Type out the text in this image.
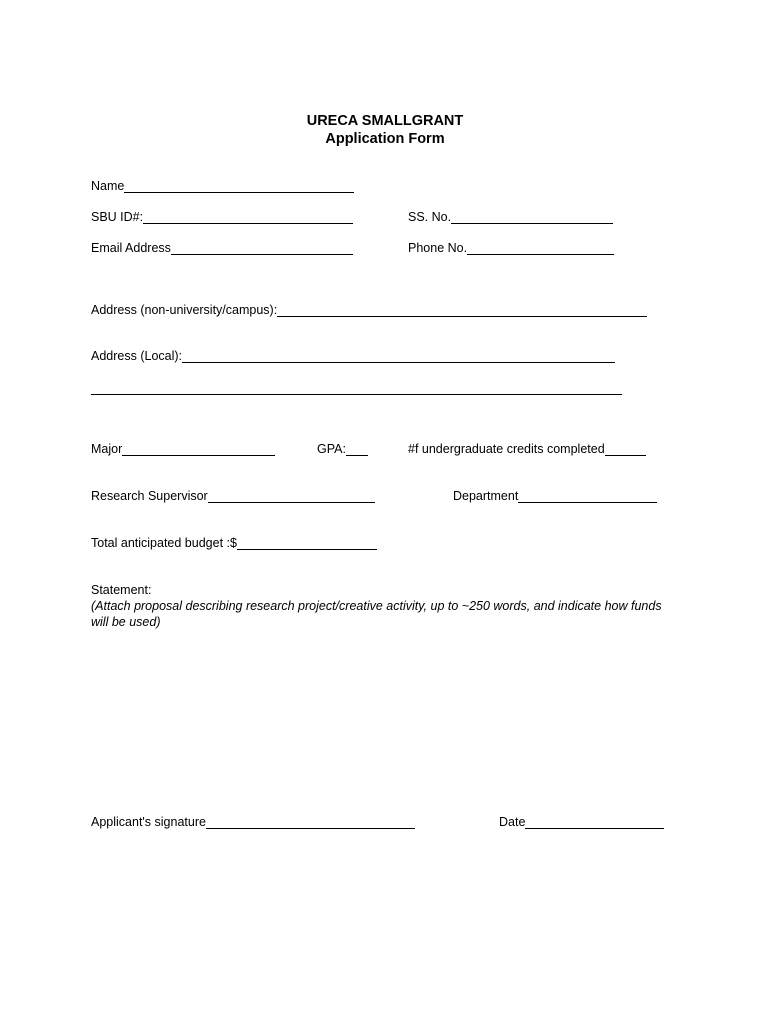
URECA SMALLGRANT
Application Form
Name
SBU ID#:	SS. No.
Email Address	Phone No.
Address (non-university/campus):
Address (Local):
Major	GPA:	#f undergraduate credits completed
Research Supervisor	Department
Total anticipated budget :$
Statement:
(Attach proposal describing research project/creative activity, up to ~250 words, and indicate how funds will be used)
Applicant's signature	Date
